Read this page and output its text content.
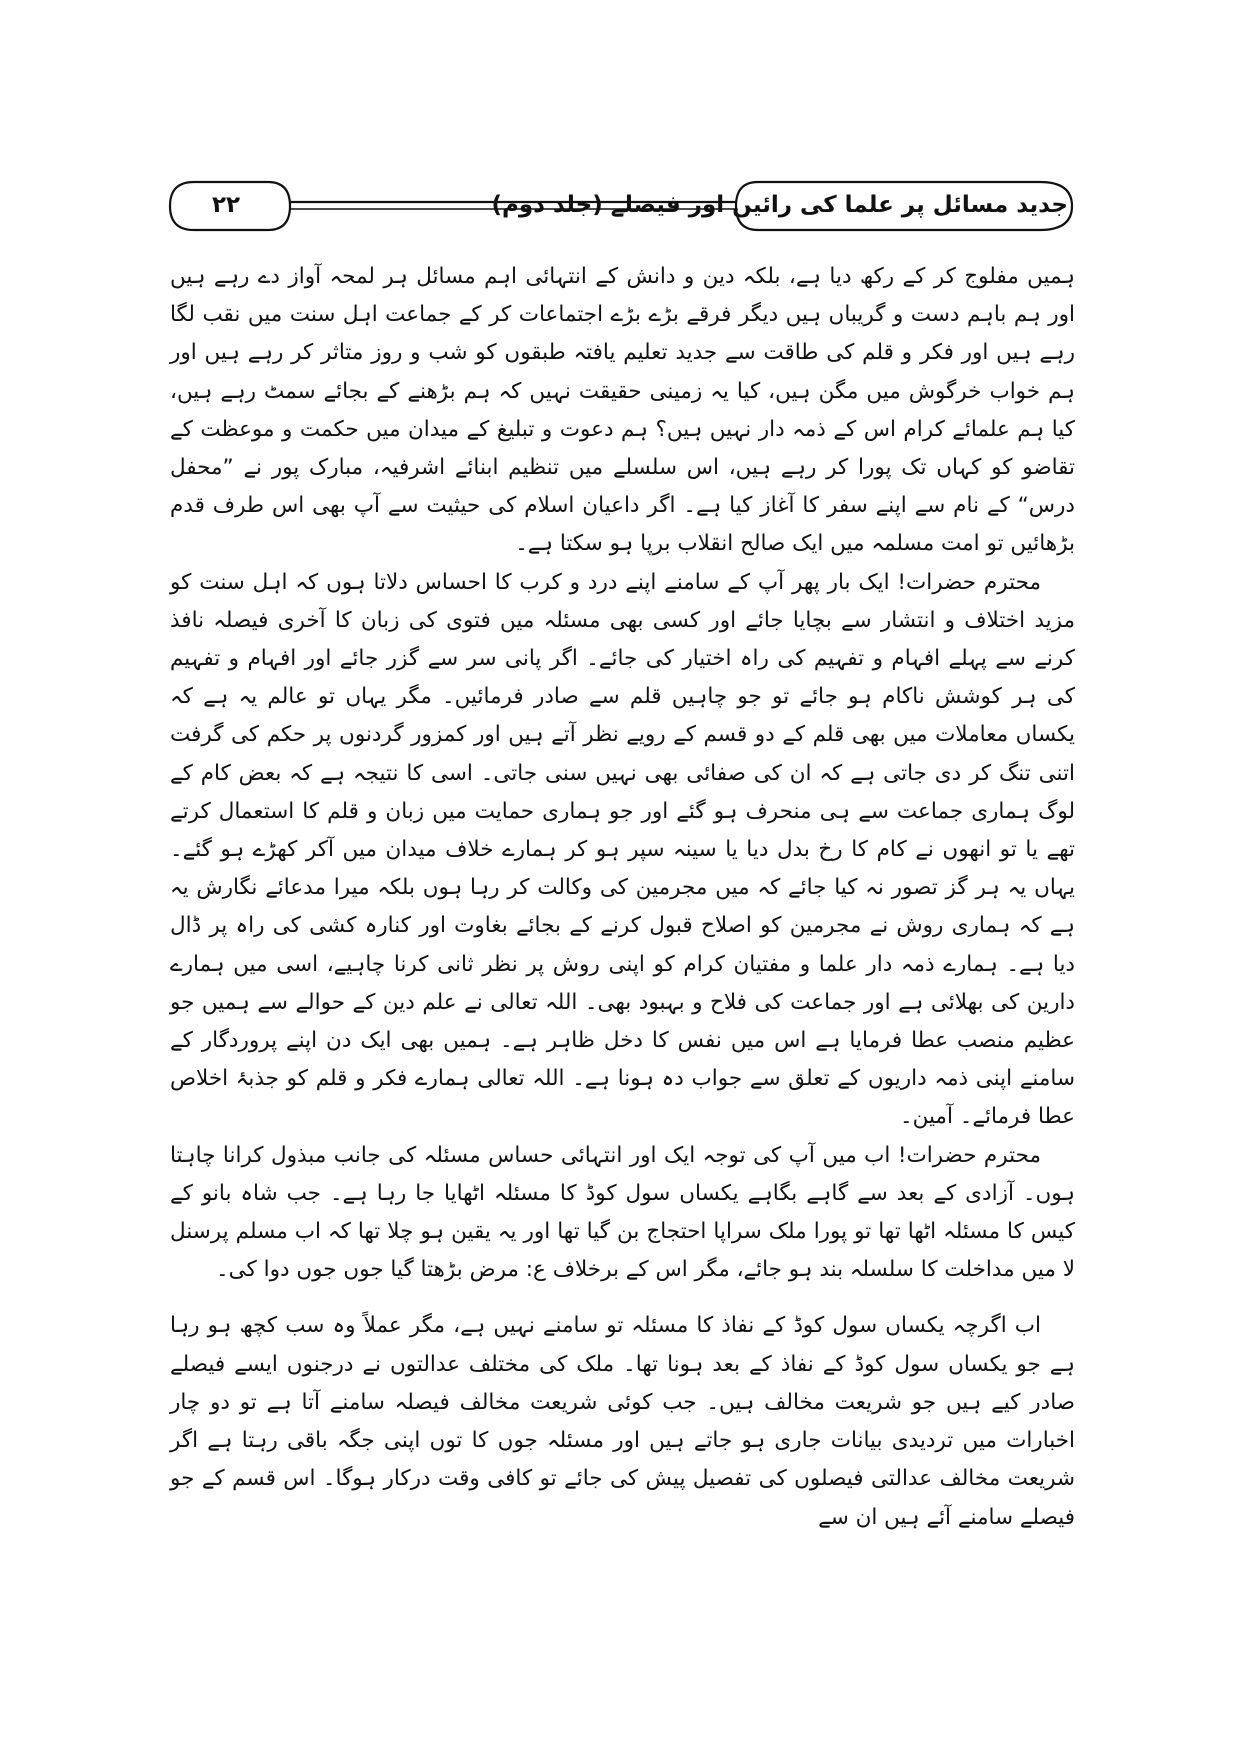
۲۲	جدید مسائل پر علما کی رائیں اور فیصلے (جلد دوم)

ہمیں مفلوج کر کے رکھ دیا ہے، بلکہ دین و دانش کے انتہائی اہم مسائل ہر لمحہ آواز دے رہے ہیں اور ہم باہم دست و گریباں ہیں دیگر فرقے بڑے بڑے اجتماعات کر کے جماعت اہل سنت میں نقب لگا رہے ہیں اور فکر و قلم کی طاقت سے جدید تعلیم یافتہ طبقوں کو شب و روز متاثر کر رہے ہیں اور ہم خواب خرگوش میں مگن ہیں، کیا یہ زمینی حقیقت نہیں کہ ہم بڑھنے کے بجائے سمٹ رہے ہیں، کیا ہم علمائے کرام اس کے ذمہ دار نہیں ہیں؟ ہم دعوت و تبلیغ کے میدان میں حکمت و موعظت کے تقاضو کو کہاں تک پورا کر رہے ہیں، اس سلسلے میں تنظیم ابنائے اشرفیہ، مبارک پور نے ”محفل درس“ کے نام سے اپنے سفر کا آغاز کیا ہے۔ اگر داعیان اسلام کی حیثیت سے آپ بھی اس طرف قدم بڑھائیں تو امت مسلمہ میں ایک صالح انقلاب برپا ہو سکتا ہے۔

محترم حضرات! ایک بار پھر آپ کے سامنے اپنے درد و کرب کا احساس دلاتا ہوں کہ اہل سنت کو مزید اختلاف و انتشار سے بچایا جائے اور کسی بھی مسئلہ میں فتوی کی زبان کا آخری فیصلہ نافذ کرنے سے پہلے افہام و تفہیم کی راہ اختیار کی جائے۔ اگر پانی سر سے گزر جائے اور افہام و تفہیم کی ہر کوشش ناکام ہو جائے تو جو چاہیں قلم سے صادر فرمائیں۔ مگر یہاں تو عالم یہ ہے کہ یکساں معاملات میں بھی قلم کے دو قسم کے رویے نظر آتے ہیں اور کمزور گردنوں پر حکم کی گرفت اتنی تنگ کر دی جاتی ہے کہ ان کی صفائی بھی نہیں سنی جاتی۔ اسی کا نتیجہ ہے کہ بعض کام کے لوگ ہماری جماعت سے ہی منحرف ہو گئے اور جو ہماری حمایت میں زبان و قلم کا استعمال کرتے تھے یا تو انھوں نے کام کا رخ بدل دیا یا سینہ سپر ہو کر ہمارے خلاف میدان میں آکر کھڑے ہو گئے۔ یہاں یہ ہر گز تصور نہ کیا جائے کہ میں مجرمین کی وکالت کر رہا ہوں بلکہ میرا مدعائے نگارش یہ ہے کہ ہماری روش نے مجرمین کو اصلاح قبول کرنے کے بجائے بغاوت اور کنارہ کشی کی راہ پر ڈال دیا ہے۔ ہمارے ذمہ دار علما و مفتیان کرام کو اپنی روش پر نظر ثانی کرنا چاہیے، اسی میں ہمارے دارین کی بھلائی ہے اور جماعت کی فلاح و بہبود بھی۔ اللہ تعالی نے علم دین کے حوالے سے ہمیں جو عظیم منصب عطا فرمایا ہے اس میں نفس کا دخل ظاہر ہے۔ ہمیں بھی ایک دن اپنے پروردگار کے سامنے اپنی ذمہ داریوں کے تعلق سے جواب دہ ہونا ہے۔ اللہ تعالی ہمارے فکر و قلم کو جذبۂ اخلاص عطا فرمائے۔ آمین۔

محترم حضرات! اب میں آپ کی توجہ ایک اور انتہائی حساس مسئلہ کی جانب مبذول کرانا چاہتا ہوں۔ آزادی کے بعد سے گاہے بگاہے یکساں سول کوڈ کا مسئلہ اٹھایا جا رہا ہے۔ جب شاہ بانو کے کیس کا مسئلہ اٹھا تھا تو پورا ملک سراپا احتجاج بن گیا تھا اور یہ یقین ہو چلا تھا کہ اب مسلم پرسنل لا میں مداخلت کا سلسلہ بند ہو جائے، مگر اس کے برخلاف ع: مرض بڑھتا گیا جوں جوں دوا کی۔

اب اگرچہ یکساں سول کوڈ کے نفاذ کا مسئلہ تو سامنے نہیں ہے، مگر عملاً وہ سب کچھ ہو رہا ہے جو یکساں سول کوڈ کے نفاذ کے بعد ہونا تھا۔ ملک کی مختلف عدالتوں نے درجنوں ایسے فیصلے صادر کیے ہیں جو شریعت مخالف ہیں۔ جب کوئی شریعت مخالف فیصلہ سامنے آتا ہے تو دو چار اخبارات میں تردیدی بیانات جاری ہو جاتے ہیں اور مسئلہ جوں کا توں اپنی جگہ باقی رہتا ہے اگر شریعت مخالف عدالتی فیصلوں کی تفصیل پیش کی جائے تو کافی وقت درکار ہوگا۔ اس قسم کے جو فیصلے سامنے آئے ہیں ان سے
